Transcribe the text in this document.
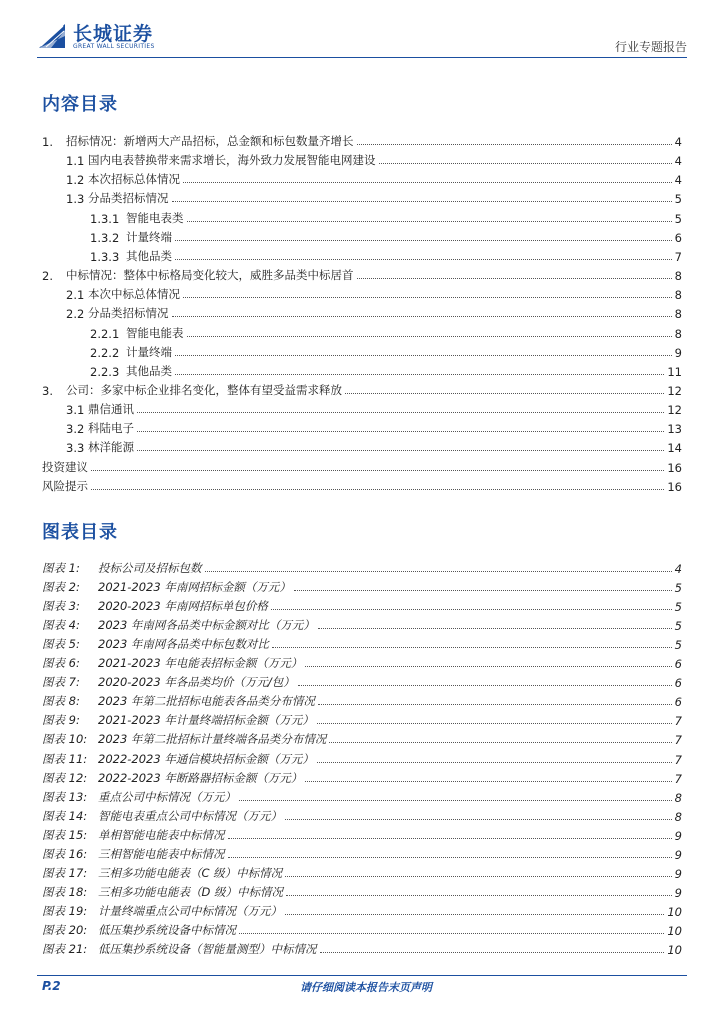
长城证券
GREAT WALL SECURITIES	行业专题报告
内容目录
1.	招标情况：新增两大产品招标，总金额和标包数量齐增长	4
1.1 国内电表替换带来需求增长，海外致力发展智能电网建设	4
1.2 本次招标总体情况	4
1.3 分品类招标情况	5
1.3.1 智能电表类	5
1.3.2 计量终端	6
1.3.3 其他品类	7
2.	中标情况：整体中标格局变化较大，威胜多品类中标居首	8
2.1 本次中标总体情况	8
2.2 分品类招标情况	8
2.2.1 智能电能表	8
2.2.2 计量终端	9
2.2.3 其他品类	11
3.	公司：多家中标企业排名变化，整体有望受益需求释放	12
3.1 鼎信通讯	12
3.2 科陆电子	13
3.3 林洋能源	14
投资建议	16
风险提示	16
图表目录
图表 1:	投标公司及招标包数	4
图表 2:	2021-2023 年南网招标金额（万元）	5
图表 3:	2020-2023 年南网招标单包价格	5
图表 4:	2023 年南网各品类中标金额对比（万元）	5
图表 5:	2023 年南网各品类中标包数对比	5
图表 6:	2021-2023 年电能表招标金额（万元）	6
图表 7:	2020-2023 年各品类均价（万元/包）	6
图表 8:	2023 年第二批招标电能表各品类分布情况	6
图表 9:	2021-2023 年计量终端招标金额（万元）	7
图表 10: 2023 年第二批招标计量终端各品类分布情况	7
图表 11: 2022-2023 年通信模块招标金额（万元）	7
图表 12: 2022-2023 年断路器招标金额（万元）	7
图表 13: 重点公司中标情况（万元）	8
图表 14: 智能电表重点公司中标情况（万元）	8
图表 15: 单相智能电能表中标情况	9
图表 16: 三相智能电能表中标情况	9
图表 17: 三相多功能电能表（C 级）中标情况	9
图表 18: 三相多功能电能表（D 级）中标情况	9
图表 19: 计量终端重点公司中标情况（万元）	10
图表 20: 低压集抄系统设备中标情况	10
图表 21: 低压集抄系统设备（智能量测型）中标情况	10
P.2	请仔细阅读本报告末页声明
